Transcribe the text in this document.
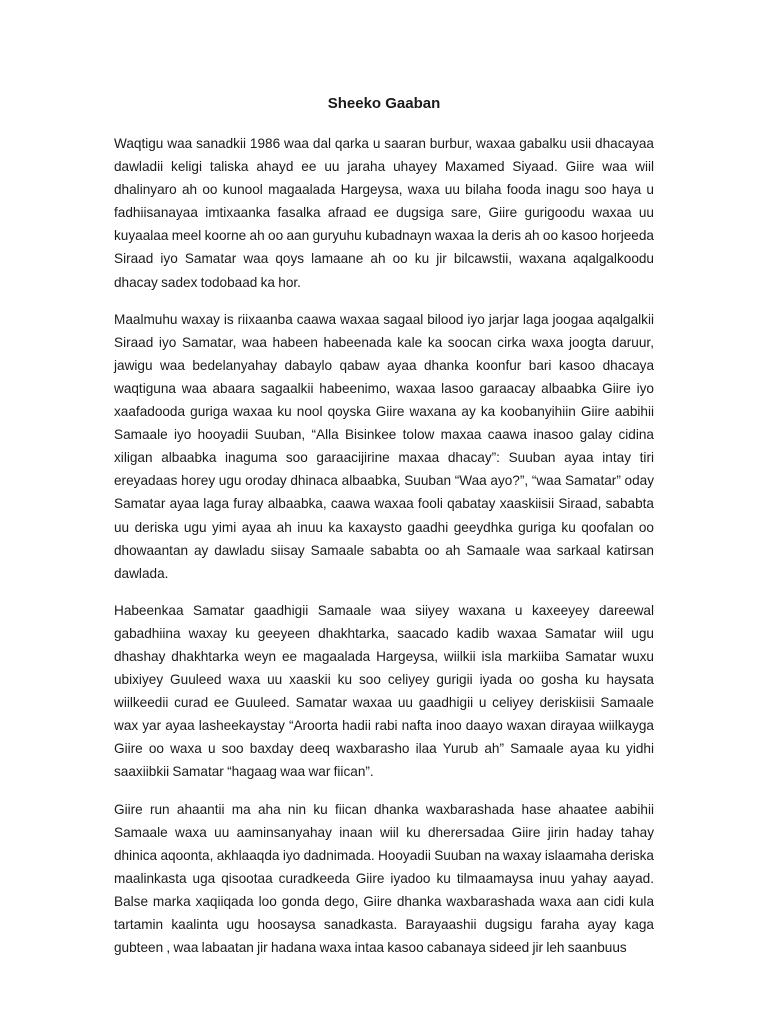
Sheeko Gaaban

Waqtigu waa sanadkii 1986 waa dal qarka u saaran burbur, waxaa gabalku usii dhacayaa dawladii keligi taliska ahayd ee uu jaraha uhayey Maxamed Siyaad. Giire waa wiil dhalinyaro ah oo kunool magaalada Hargeysa, waxa uu bilaha fooda inagu soo haya u fadhiisanayaa imtixaanka fasalka afraad ee dugsiga sare, Giire gurigoodu waxaa uu kuyaalaa meel koorne ah oo aan guryuhu kubadnayn waxaa la deris ah oo kasoo horjeeda Siraad iyo Samatar waa qoys lamaane ah oo ku jir bilcawstii, waxana aqalgalkoodu dhacay sadex todobaad ka hor.

Maalmuhu waxay is riixaanba caawa waxaa sagaal bilood iyo jarjar laga joogaa aqalgalkii Siraad iyo Samatar, waa habeen habeenada kale ka soocan cirka waxa joogta daruur, jawigu waa bedelanyahay dabaylo qabaw ayaa dhanka koonfur bari kasoo dhacaya waqtiguna waa abaara sagaalkii habeenimo, waxaa lasoo garaacay albaabka Giire iyo xaafadooda guriga waxaa ku nool qoyska Giire waxana ay ka koobanyihiin Giire aabihii Samaale iyo hooyadii Suuban, “Alla Bisinkee tolow maxaa caawa inasoo galay cidina xiligan albaabka inaguma soo garaacijirine maxaa dhacay”: Suuban ayaa intay tiri ereyadaas horey ugu oroday dhinaca albaabka, Suuban “Waa ayo?”, “waa Samatar” oday Samatar ayaa laga furay albaabka, caawa waxaa fooli qabatay xaaskiisii Siraad, sababta uu deriska ugu yimi ayaa ah inuu ka kaxaysto gaadhi geeydhka guriga ku qoofalan oo dhowaantan ay dawladu siisay Samaale sababta oo ah Samaale waa sarkaal katirsan dawlada.

Habeenkaa Samatar gaadhigii Samaale waa siiyey waxana u kaxeeyey dareewal gabadhiina waxay ku geeyeen dhakhtarka, saacado kadib waxaa Samatar wiil ugu dhashay dhakhtarka weyn ee magaalada Hargeysa, wiilkii isla markiiba Samatar wuxu ubixiyey Guuleed waxa uu xaaskii ku soo celiyey gurigii iyada oo gosha ku haysata wiilkeedii curad ee Guuleed. Samatar waxaa uu gaadhigii u celiyey deriskiisii Samaale wax yar ayaa lasheekaystay “Aroorta hadii rabi nafta inoo daayo waxan dirayaa wiilkayga Giire oo waxa u soo baxday deeq waxbarasho ilaa Yurub ah” Samaale ayaa ku yidhi saaxiibkii Samatar “hagaag waa war fiican”.

Giire run ahaantii ma aha nin ku fiican dhanka waxbarashada hase ahaatee aabihii Samaale waxa uu aaminsanyahay inaan wiil ku dherersadaa Giire jirin haday tahay dhinica aqoonta, akhlaaqda iyo dadnimada. Hooyadii Suuban na waxay islaamaha deriska maalinkasta uga qisootaa curadkeeda Giire iyadoo ku tilmaamaysa inuu yahay aayad. Balse marka xaqiiqada loo gonda dego, Giire dhanka waxbarashada waxa aan cidi kula tartamin kaalinta ugu hoosaysa sanadkasta. Barayaashii dugsigu faraha ayay kaga gubteen , waa labaatan jir hadana waxa intaa kasoo cabanaya sideed jir leh saanbuus
